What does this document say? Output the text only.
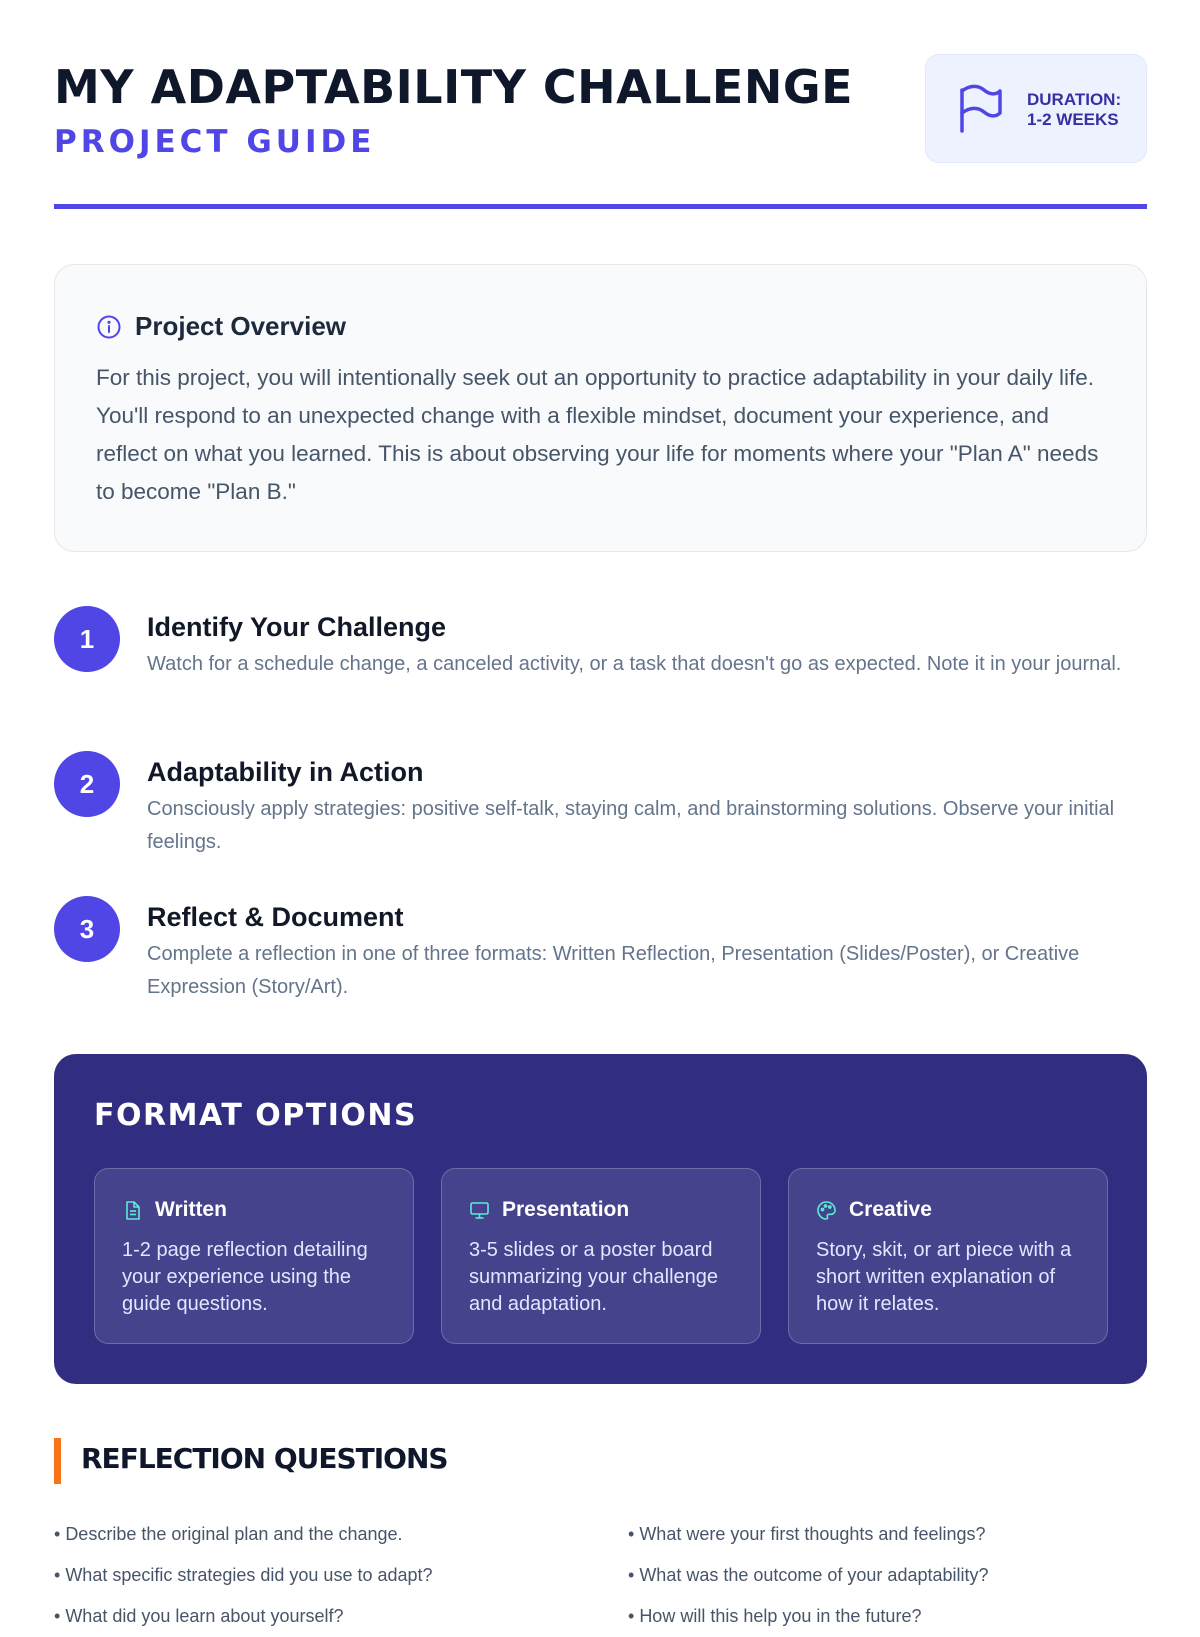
MY ADAPTABILITY CHALLENGE
PROJECT GUIDE
DURATION:
1-2 WEEKS
Project Overview

For this project, you will intentionally seek out an opportunity to practice adaptability in your daily life. You'll respond to an unexpected change with a flexible mindset, document your experience, and reflect on what you learned. This is about observing your life for moments where your "Plan A" needs to become "Plan B."

1	Identify Your Challenge
Watch for a schedule change, a canceled activity, or a task that doesn't go as expected. Note it in your journal.
2	Adaptability in Action
Consciously apply strategies: positive self-talk, staying calm, and brainstorming solutions. Observe your initial feelings.
3	Reflect & Document
Complete a reflection in one of three formats: Written Reflection, Presentation (Slides/Poster), or Creative Expression (Story/Art).
FORMAT OPTIONS
Written

1-2 page reflection detailing your experience using the guide questions.

Presentation

3-5 slides or a poster board summarizing your challenge and adaptation.

Creative

Story, skit, or art piece with a short written explanation of how it relates.

REFLECTION QUESTIONS
• Describe the original plan and the change.
• What specific strategies did you use to adapt?
• What did you learn about yourself?
• What were your first thoughts and feelings?
• What was the outcome of your adaptability?
• How will this help you in the future?
